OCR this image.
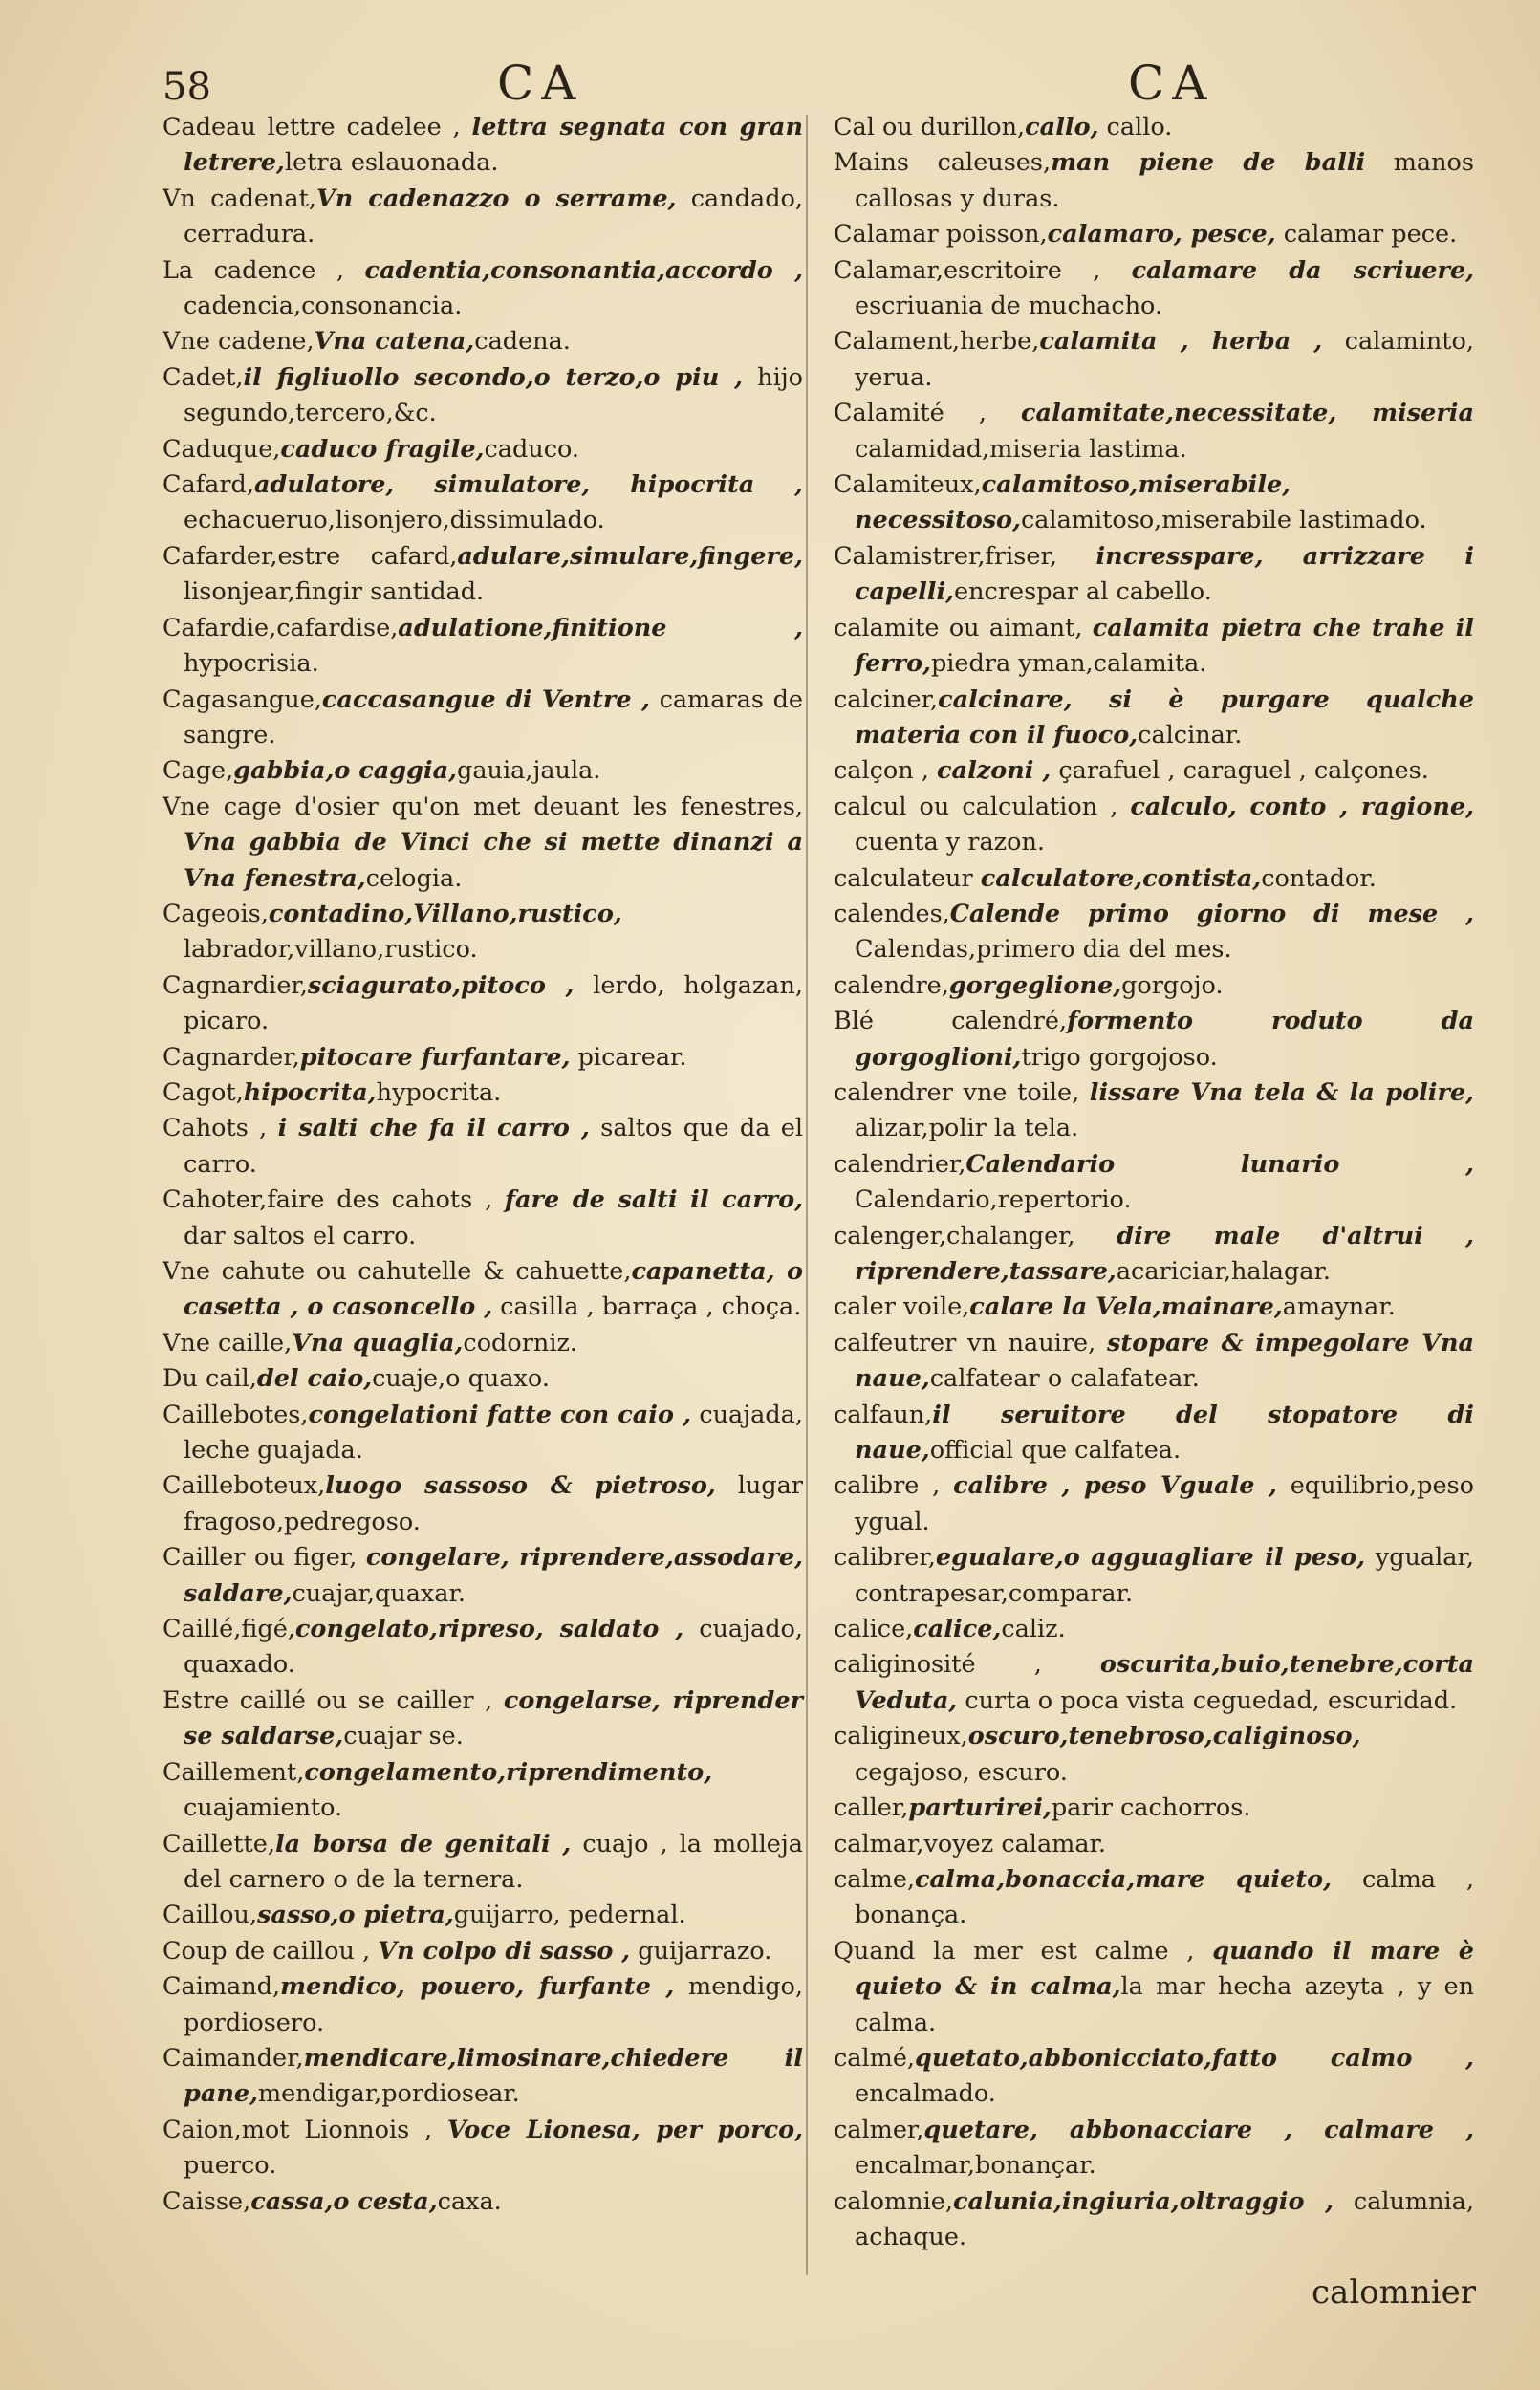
58	CA	CA

Cadeau lettre cadelee , lettra segnata con gran letrere,letra eslauonada.

Vn cadenat,Vn cadenazzo o serrame, candado, cerradura.

La cadence , cadentia,consonantia,accordo , cadencia,consonancia.

Vne cadene,Vna catena,cadena.

Cadet,il figliuollo secondo,o terzo,o piu , hijo segundo,tercero,&c.

Caduque,caduco fragile,caduco.

Cafard,adulatore, simulatore, hipocrita , echacueruo,lisonjero,dissimulado.

Cafarder,estre cafard,adulare,simulare,fingere, lisonjear,fingir santidad.

Cafardie,cafardise,adulatione,finitione , hypocrisia.

Cagasangue,caccasangue di Ventre , camaras de sangre.

Cage,gabbia,o caggia,gauia,jaula.

Vne cage d'osier qu'on met deuant les fenestres, Vna gabbia de Vinci che si mette dinanzi a Vna fenestra,celogia.

Cageois,contadino,Villano,rustico, labrador,villano,rustico.

Cagnardier,sciagurato,pitoco , lerdo, holgazan, picaro.

Cagnarder,pitocare furfantare, picarear.

Cagot,hipocrita,hypocrita.

Cahots , i salti che fa il carro , saltos que da el carro.

Cahoter,faire des cahots , fare de salti il carro, dar saltos el carro.

Vne cahute ou cahutelle & cahuette,capanetta, o casetta , o casoncello , casilla , barraça , choça.

Vne caille,Vna quaglia,codorniz.

Du cail,del caio,cuaje,o quaxo.

Caillebotes,congelationi fatte con caio , cuajada, leche guajada.

Cailleboteux,luogo sassoso & pietroso, lugar fragoso,pedregoso.

Cailler ou figer, congelare, riprendere,assodare, saldare,cuajar,quaxar.

Caillé,figé,congelato,ripreso, saldato , cuajado, quaxado.

Estre caillé ou se cailler , congelarse, riprender se saldarse,cuajar se.

Caillement,congelamento,riprendimento, cuajamiento.

Caillette,la borsa de genitali , cuajo , la molleja del carnero o de la ternera.

Caillou,sasso,o pietra,guijarro, pedernal.

Coup de caillou , Vn colpo di sasso , guijarrazo.

Caimand,mendico, pouero, furfante , mendigo, pordiosero.

Caimander,mendicare,limosinare,chiedere il pane,mendigar,pordiosear.

Caion,mot Lionnois , Voce Lionesa, per porco, puerco.

Caisse,cassa,o cesta,caxa.

Cal ou durillon,callo, callo.

Mains caleuses,man piene de balli manos callosas y duras.

Calamar poisson,calamaro, pesce, calamar pece.

Calamar,escritoire , calamare da scriuere, escriuania de muchacho.

Calament,herbe,calamita , herba , calaminto, yerua.

Calamité , calamitate,necessitate, miseria calamidad,miseria lastima.

Calamiteux,calamitoso,miserabile, necessitoso,calamitoso,miserabile lastimado.

Calamistrer,friser, incresspare, arrizzare i capelli,encrespar al cabello.

calamite ou aimant, calamita pietra che trahe il ferro,piedra yman,calamita.

calciner,calcinare, si è purgare qualche materia con il fuoco,calcinar.

calçon , calzoni , çarafuel , caraguel , calçones.

calcul ou calculation , calculo, conto , ragione, cuenta y razon.

calculateur calculatore,contista,contador.

calendes,Calende primo giorno di mese , Calendas,primero dia del mes.

calendre,gorgeglione,gorgojo.

Blé calendré,formento roduto da gorgoglioni,trigo gorgojoso.

calendrer vne toile, lissare Vna tela & la polire, alizar,polir la tela.

calendrier,Calendario lunario , Calendario,repertorio.

calenger,chalanger, dire male d'altrui , riprendere,tassare,acariciar,halagar.

caler voile,calare la Vela,mainare,amaynar.

calfeutrer vn nauire, stopare & impegolare Vna naue,calfatear o calafatear.

calfaun,il seruitore del stopatore di naue,official que calfatea.

calibre , calibre , peso Vguale , equilibrio,peso ygual.

calibrer,egualare,o agguagliare il peso, ygualar, contrapesar,comparar.

calice,calice,caliz.

caliginosité , oscurita,buio,tenebre,corta Veduta, curta o poca vista ceguedad, escuridad.

caligineux,oscuro,tenebroso,caliginoso, cegajoso, escuro.

caller,parturirei,parir cachorros.

calmar,voyez calamar.

calme,calma,bonaccia,mare quieto, calma , bonança.

Quand la mer est calme , quando il mare è quieto & in calma,la mar hecha azeyta , y en calma.

calmé,quetato,abbonicciato,fatto calmo , encalmado.

calmer,quetare, abbonacciare , calmare , encalmar,bonançar.

calomnie,calunia,ingiuria,oltraggio , calumnia, achaque.

calomnier
